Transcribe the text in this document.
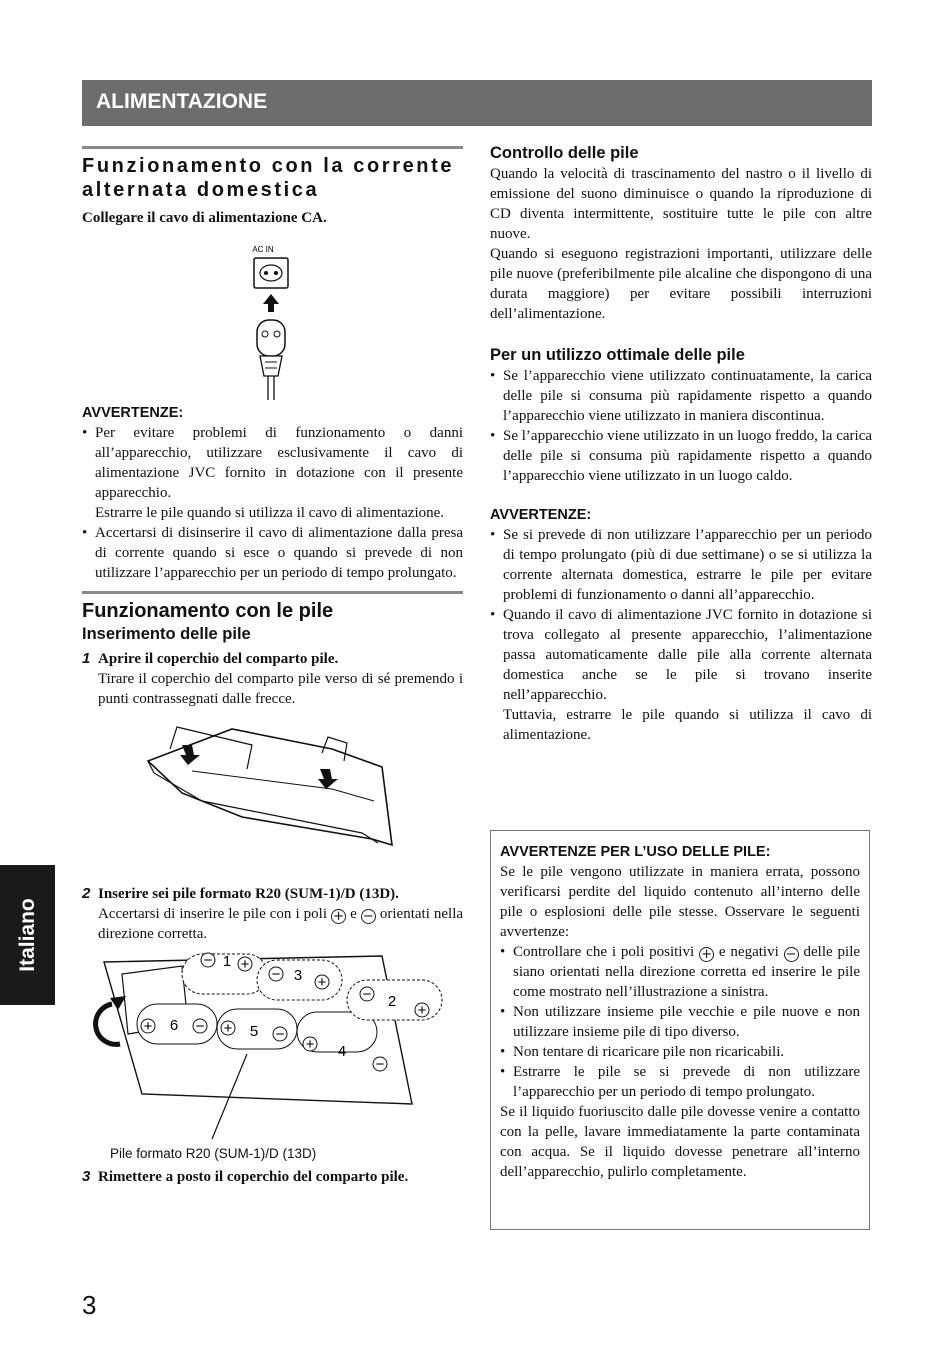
ALIMENTAZIONE
Funzionamento con la corrente alternata domestica

Collegare il cavo di alimentazione CA.

AC IN
AVVERTENZE:
• Per evitare problemi di funzionamento o danni all’apparecchio, utilizzare esclusivamente il cavo di alimentazione JVC fornito in dotazione con il presente apparecchio.
Estrarre le pile quando si utilizza il cavo di alimentazione.
• Accertarsi di disinserire il cavo di alimentazione dalla presa di corrente quando si esce o quando si prevede di non utilizzare l’apparecchio per un periodo di tempo prolungato.
Funzionamento con le pile
Inserimento delle pile
1 Aprire il coperchio del comparto pile.

Tirare il coperchio del comparto pile verso di sé premendo i punti contrassegnati dalle frecce.

2 Inserire sei pile formato R20 (SUM-1)/D (13D).

Accertarsi di inserire le pile con i poli + e − orientati nella direzione corretta.

− 1 +
− 3 +
− 2
+
+ 6 − + 5 −
+ 4
−
Pile formato R20 (SUM-1)/D (13D)
3 Rimettere a posto il coperchio del comparto pile.
Controllo delle pile

Quando la velocità di trascinamento del nastro o il livello di emissione del suono diminuisce o quando la riproduzione di CD diventa intermittente, sostituire tutte le pile con altre nuove.

Quando si eseguono registrazioni importanti, utilizzare delle pile nuove (preferibilmente pile alcaline che dispongono di una durata maggiore) per evitare possibili interruzioni dell’alimentazione.

Per un utilizzo ottimale delle pile
• Se l’apparecchio viene utilizzato continuatamente, la carica delle pile si consuma più rapidamente rispetto a quando l’apparecchio viene utilizzato in maniera discontinua.
• Se l’apparecchio viene utilizzato in un luogo freddo, la carica delle pile si consuma più rapidamente rispetto a quando l’apparecchio viene utilizzato in un luogo caldo.
AVVERTENZE:
• Se si prevede di non utilizzare l’apparecchio per un periodo di tempo prolungato (più di due settimane) o se si utilizza la corrente alternata domestica, estrarre le pile per evitare problemi di funzionamento o danni all’apparecchio.
• Quando il cavo di alimentazione JVC fornito in dotazione si trova collegato al presente apparecchio, l’alimentazione passa automaticamente dalle pile alla corrente alternata domestica anche se le pile si trovano inserite nell’apparecchio.
Tuttavia, estrarre le pile quando si utilizza il cavo di alimentazione.
AVVERTENZE PER L’USO DELLE PILE:

Se le pile vengono utilizzate in maniera errata, possono verificarsi perdite del liquido contenuto all’interno delle pile o esplosioni delle pile stesse. Osservare le seguenti avvertenze:

• Controllare che i poli positivi + e negativi − delle pile siano orientati nella direzione corretta ed inserire le pile come mostrato nell’illustrazione a sinistra.
• Non utilizzare insieme pile vecchie e pile nuove e non utilizzare insieme pile di tipo diverso.
• Non tentare di ricaricare pile non ricaricabili.
• Estrarre le pile se si prevede di non utilizzare l’apparecchio per un periodo di tempo prolungato.

Se il liquido fuoriuscito dalle pile dovesse venire a contatto con la pelle, lavare immediatamente la parte contaminata con acqua. Se il liquido dovesse penetrare all’interno dell’apparecchio, pulirlo completamente.

Italiano
3
